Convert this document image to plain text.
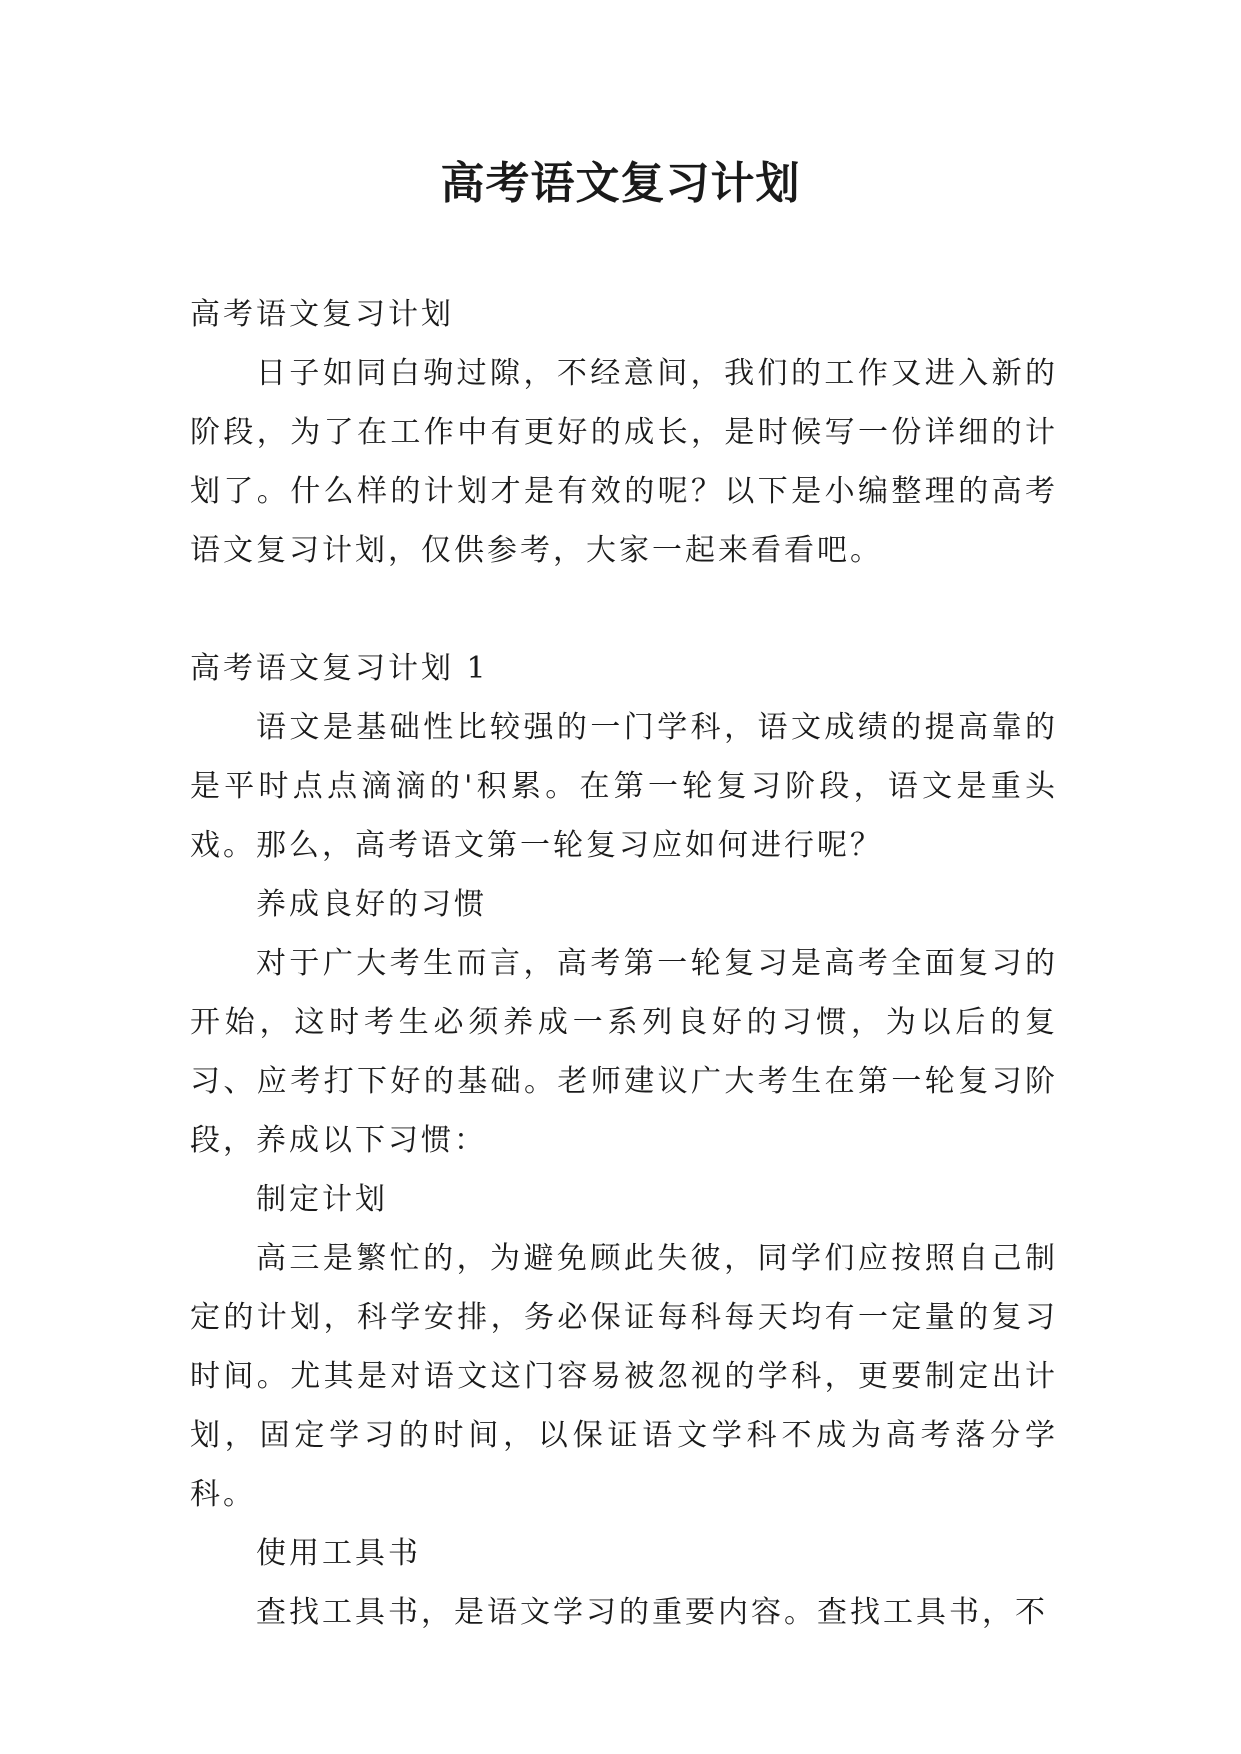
高考语文复习计划

高考语文复习计划

日子如同白驹过隙，不经意间，我们的工作又进入新的阶段，为了在工作中有更好的成长，是时候写一份详细的计划了。什么样的计划才是有效的呢？以下是小编整理的高考语文复习计划，仅供参考，大家一起来看看吧。

高考语文复习计划 1

语文是基础性比较强的一门学科，语文成绩的提高靠的是平时点点滴滴的'积累。在第一轮复习阶段，语文是重头戏。那么，高考语文第一轮复习应如何进行呢？

养成良好的习惯

对于广大考生而言，高考第一轮复习是高考全面复习的开始，这时考生必须养成一系列良好的习惯，为以后的复习、应考打下好的基础。老师建议广大考生在第一轮复习阶段，养成以下习惯：

制定计划

高三是繁忙的，为避免顾此失彼，同学们应按照自己制定的计划，科学安排，务必保证每科每天均有一定量的复习时间。尤其是对语文这门容易被忽视的学科，更要制定出计划，固定学习的时间，以保证语文学科不成为高考落分学科。

使用工具书

查找工具书，是语文学习的重要内容。查找工具书，不
